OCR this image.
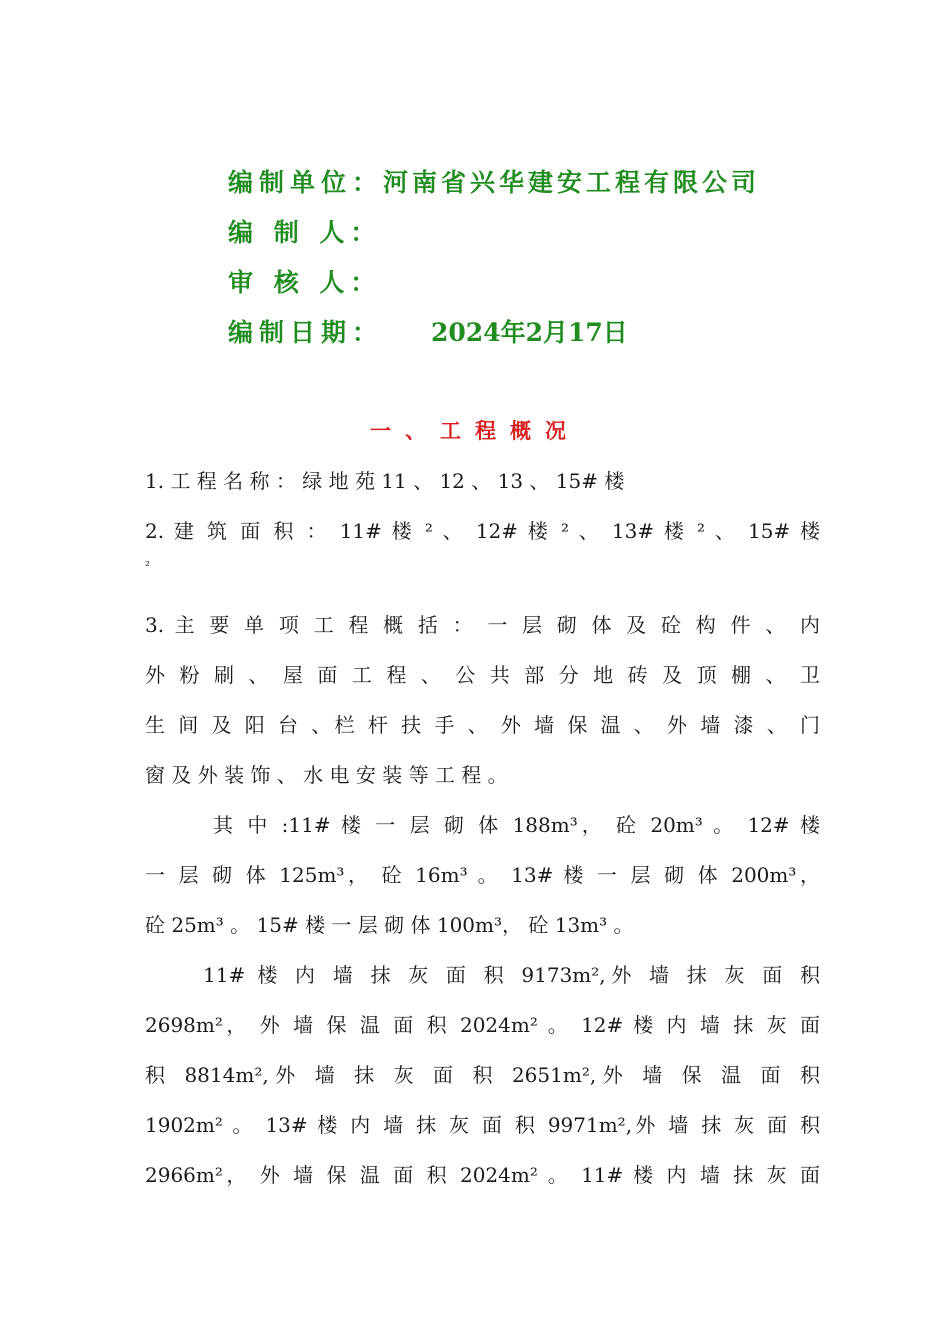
编制单位：河南省兴华建安工程有限公司
编 制 人：
审 核 人：
编制日期： 2024年2月17日
一、工程概况
1. 工 程 名 称 ： 绿 地 苑 11 、 12 、 13 、 15# 楼
2. 建 筑 面 积 ： 11# 楼 ² 、 12# 楼 ² 、 13# 楼 ² 、 15# 楼
²
3. 主 要 单 项 工 程 概 括 ： 一 层 砌 体 及 砼 构 件 、 内
外 粉 刷 、 屋 面 工 程 、 公 共 部 分 地 砖 及 顶 棚 、 卫
生 间 及 阳 台 、栏 杆 扶 手 、 外 墙 保 温 、 外 墙 漆 、 门
窗 及 外 装 饰 、 水 电 安 装 等 工 程 。
其 中 :11# 楼 一 层 砌 体 188m³， 砼 20m³ 。 12# 楼
一 层 砌 体 125m³， 砼 16m³ 。 13# 楼 一 层 砌 体 200m³，
砼 25m³ 。 15# 楼 一 层 砌 体 100m³， 砼 13m³ 。
11# 楼 内 墙 抹 灰 面 积 9173m²,外 墙 抹 灰 面 积
2698m²， 外 墙 保 温 面 积 2024m² 。 12# 楼 内 墙 抹 灰 面
积 8814m²,外 墙 抹 灰 面 积 2651m²,外 墙 保 温 面 积
1902m² 。 13# 楼 内 墙 抹 灰 面 积 9971m²,外 墙 抹 灰 面 积
2966m²， 外 墙 保 温 面 积 2024m² 。 11# 楼 内 墙 抹 灰 面
